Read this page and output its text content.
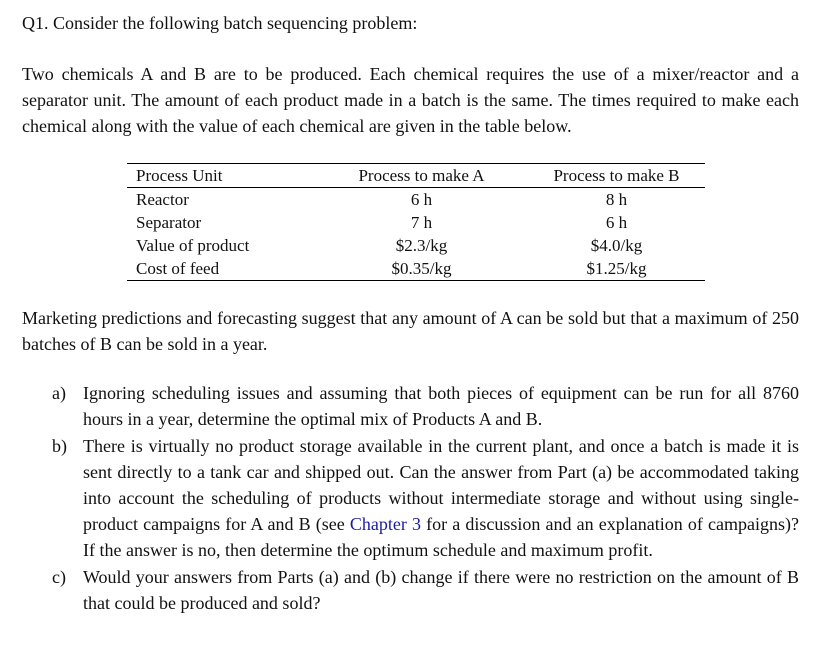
Q1. Consider the following batch sequencing problem:

Two chemicals A and B are to be produced. Each chemical requires the use of a mixer/reactor and a separator unit. The amount of each product made in a batch is the same. The times required to make each chemical along with the value of each chemical are given in the table below.

Process Unit	Process to make A	Process to make B
Reactor	6 h	8 h
Separator	7 h	6 h
Value of product	$2.3/kg	$4.0/kg
Cost of feed	$0.35/kg	$1.25/kg

Marketing predictions and forecasting suggest that any amount of A can be sold but that a maximum of 250 batches of B can be sold in a year.

a) Ignoring scheduling issues and assuming that both pieces of equipment can be run for all 8760 hours in a year, determine the optimal mix of Products A and B.
b) There is virtually no product storage available in the current plant, and once a batch is made it is sent directly to a tank car and shipped out. Can the answer from Part (a) be accommodated taking into account the scheduling of products without intermediate storage and without using single-product campaigns for A and B (see Chapter 3 for a discussion and an explanation of campaigns)? If the answer is no, then determine the optimum schedule and maximum profit.
c) Would your answers from Parts (a) and (b) change if there were no restriction on the amount of B that could be produced and sold?
